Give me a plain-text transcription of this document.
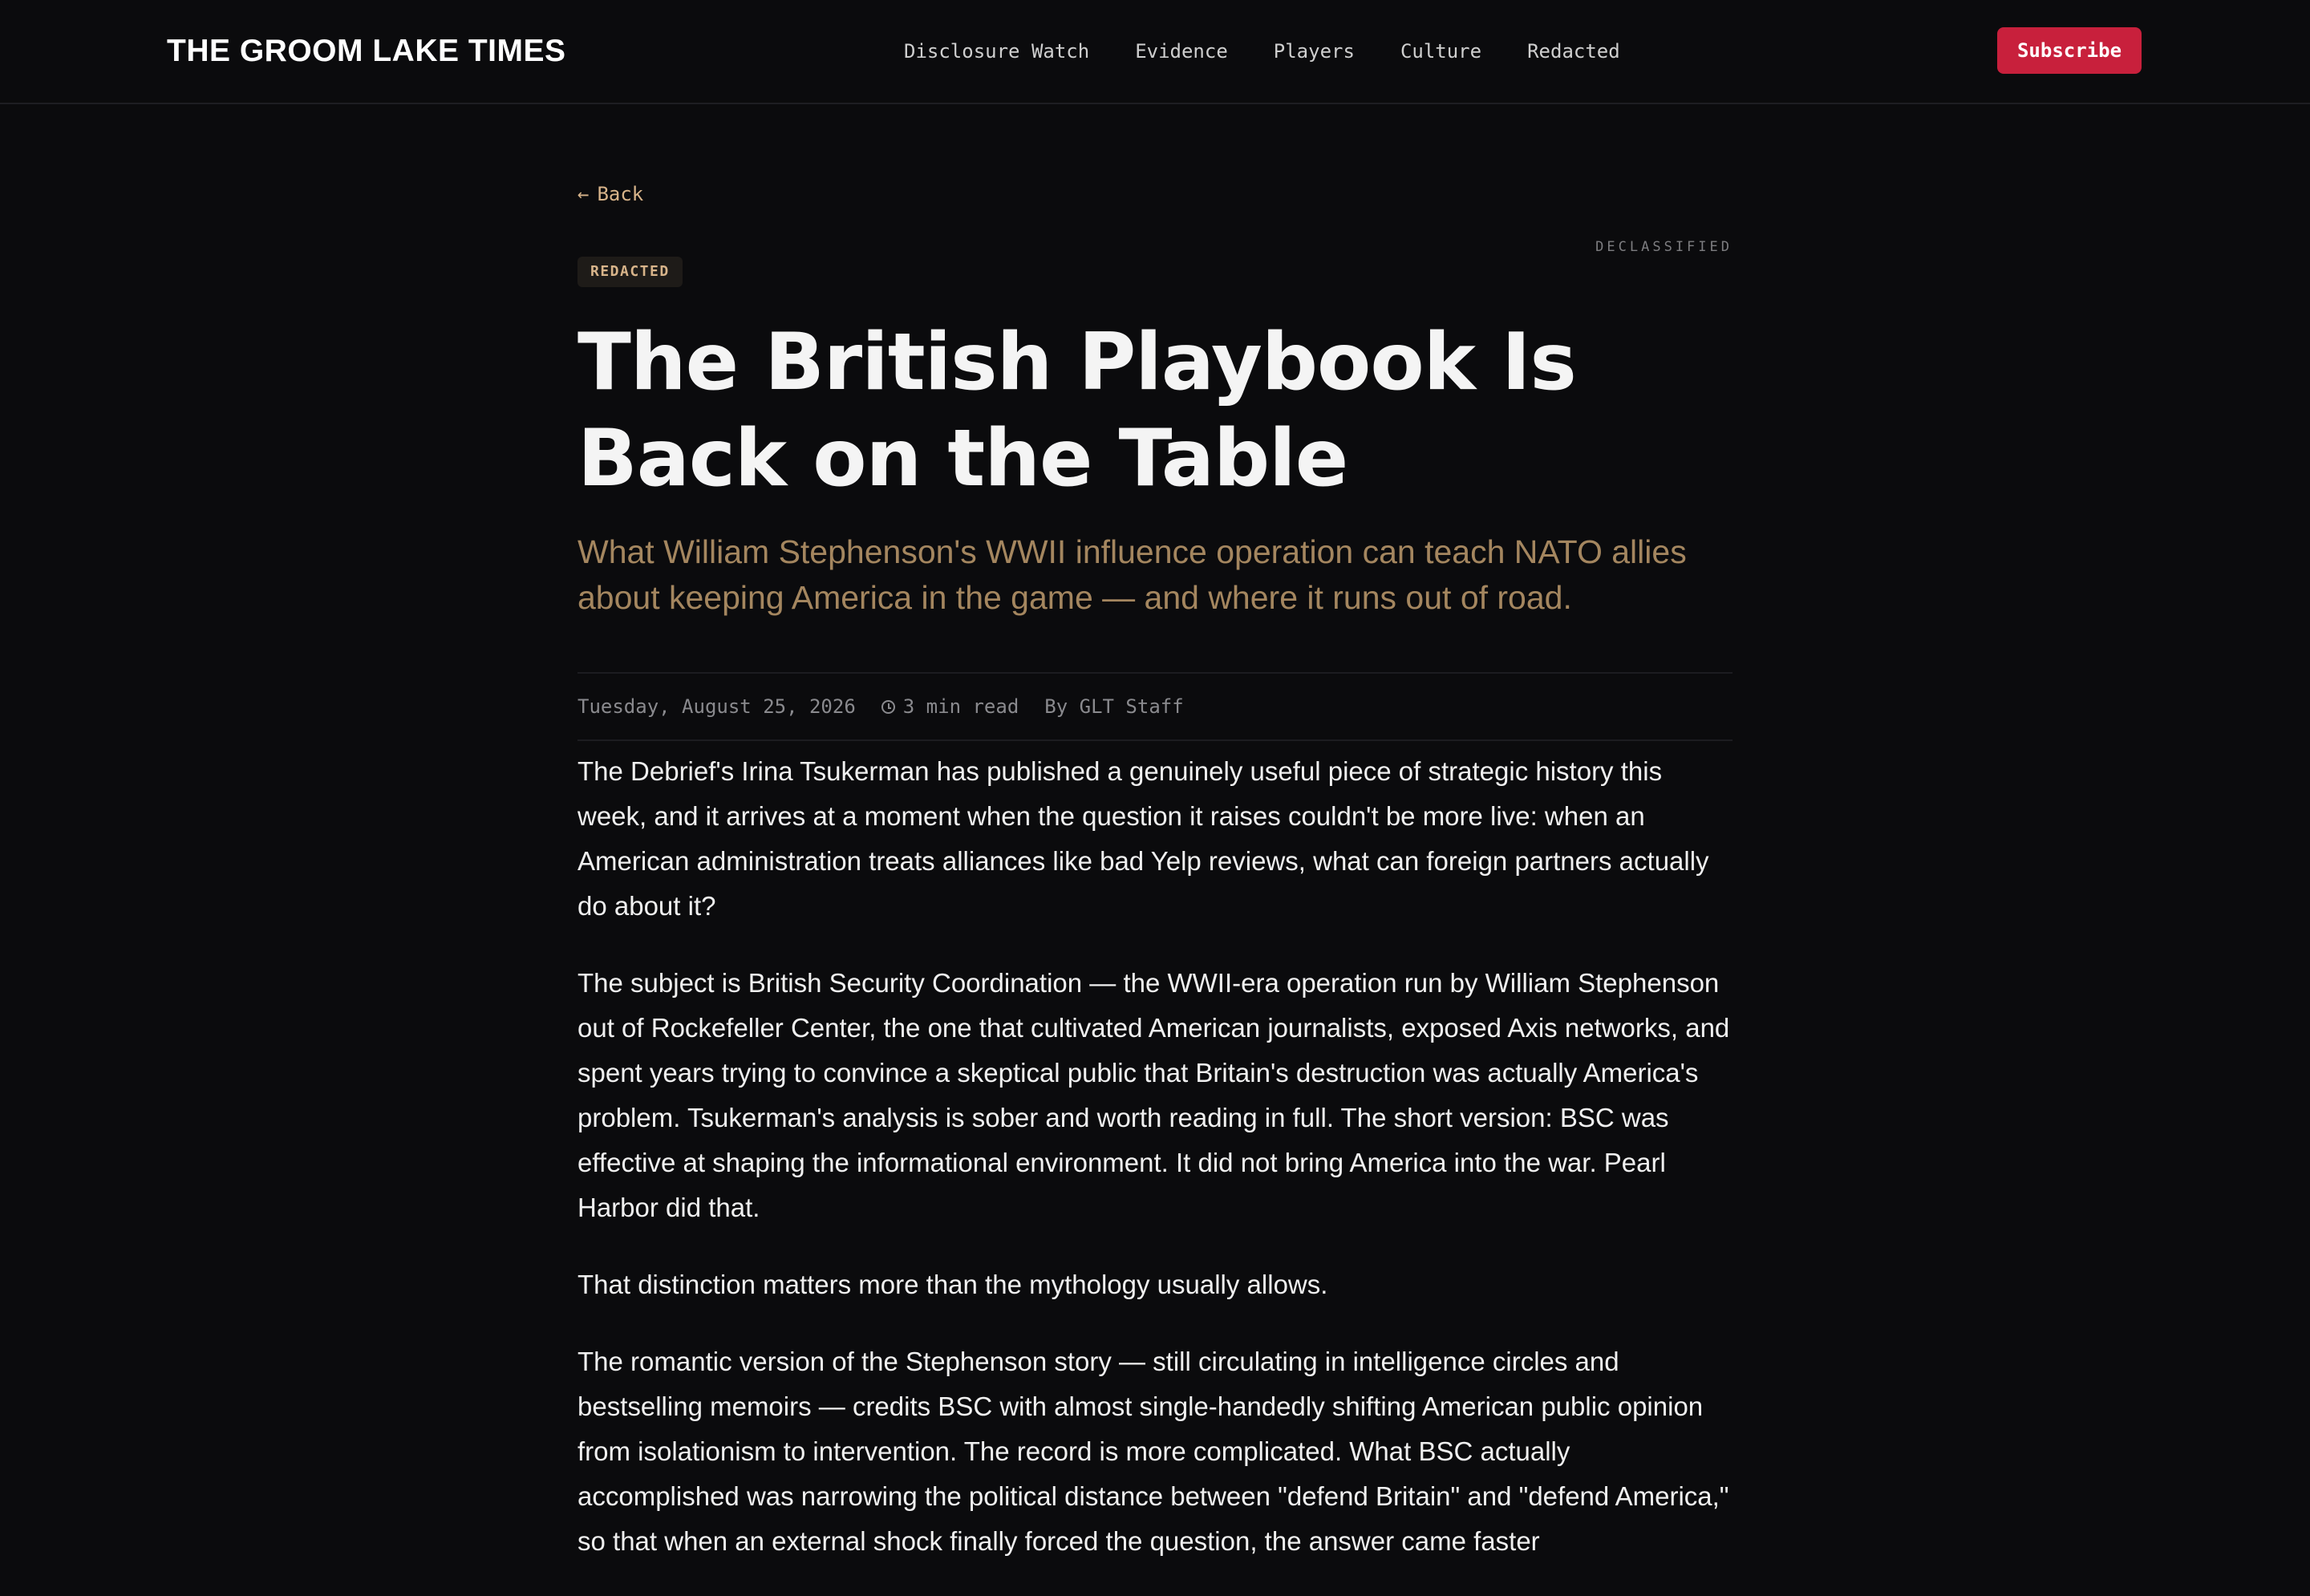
THE GROOM LAKE TIMES	Disclosure Watch Evidence Players Culture Redacted	Subscribe
← Back
DECLASSIFIED
REDACTED
The British Playbook Is Back on the Table

What William Stephenson's WWII influence operation can teach NATO allies about keeping America in the game — and where it runs out of road.

Tuesday, August 25, 2026 3 min read By GLT Staff

The Debrief's Irina Tsukerman has published a genuinely useful piece of strategic history this week, and it arrives at a moment when the question it raises couldn't be more live: when an American administration treats alliances like bad Yelp reviews, what can foreign partners actually do about it?

The subject is British Security Coordination — the WWII-era operation run by William Stephenson out of Rockefeller Center, the one that cultivated American journalists, exposed Axis networks, and spent years trying to convince a skeptical public that Britain's destruction was actually America's problem. Tsukerman's analysis is sober and worth reading in full. The short version: BSC was effective at shaping the informational environment. It did not bring America into the war. Pearl Harbor did that.

That distinction matters more than the mythology usually allows.

The romantic version of the Stephenson story — still circulating in intelligence circles and bestselling memoirs — credits BSC with almost single-handedly shifting American public opinion from isolationism to intervention. The record is more complicated. What BSC actually accomplished was narrowing the political distance between "defend Britain" and "defend America," so that when an external shock finally forced the question, the answer came faster
